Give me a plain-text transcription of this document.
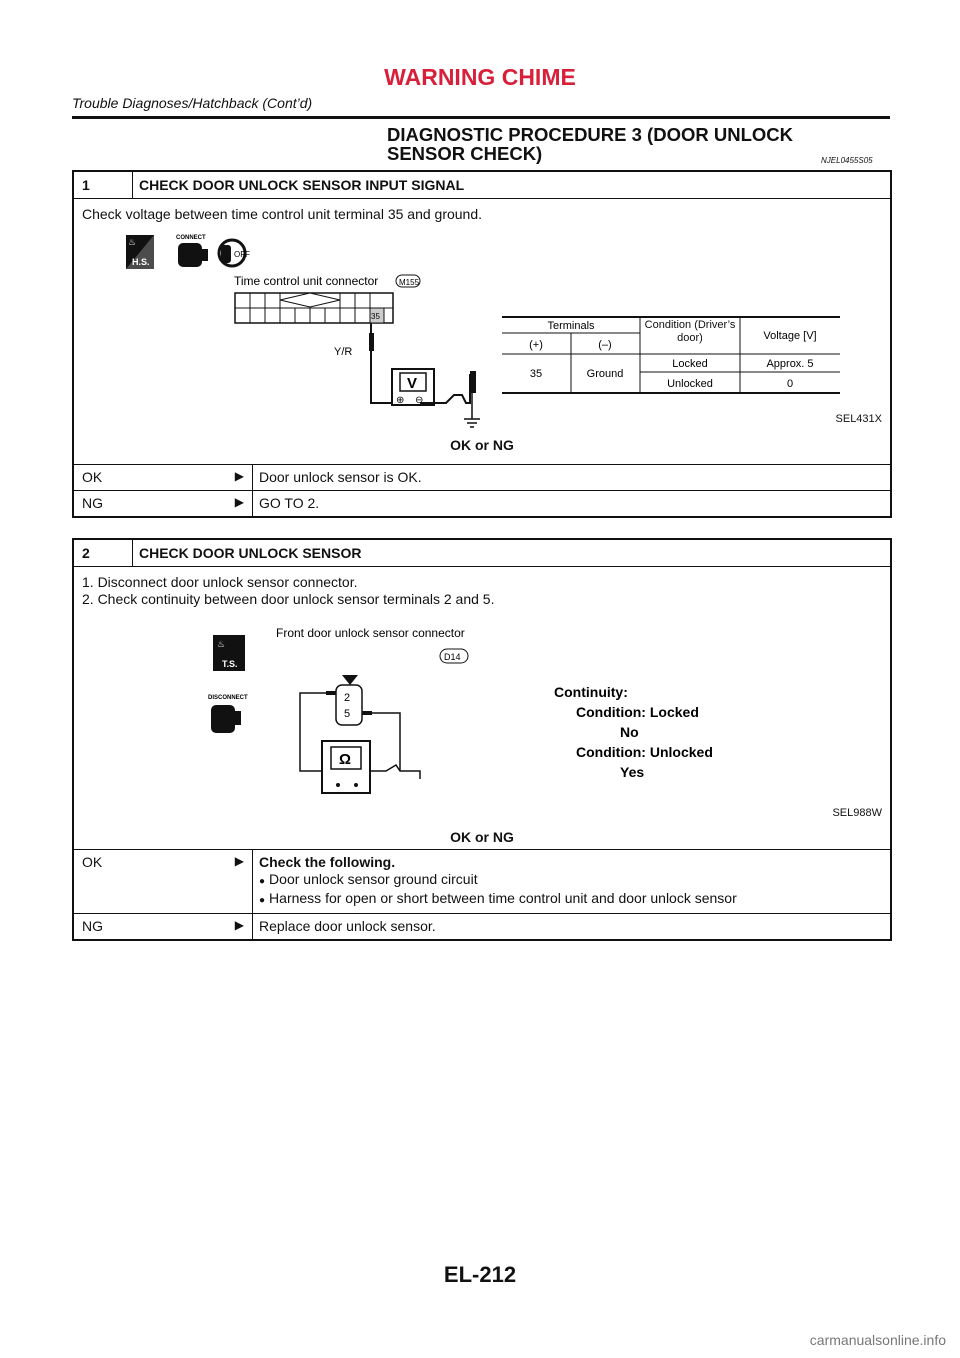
WARNING CHIME
Trouble Diagnoses/Hatchback (Cont’d)
DIAGNOSTIC PROCEDURE 3 (DOOR UNLOCK SENSOR CHECK)	NJEL0455S05
1	CHECK DOOR UNLOCK SENSOR INPUT SIGNAL
Check voltage between time control unit terminal 35 and ground.
♨
H.S.
CONNECT
OFF
Time control unit connector	M155
35
Y/R
V
⊕ ⊖
Terminals
(+)	(–)
Condition (Driver’s door)	Voltage [V]
35	Ground
Locked	Approx. 5
Unlocked	0
SEL431X
OK or NG
OK	▶	Door unlock sensor is OK.
NG	▶	GO TO 2.
2	CHECK DOOR UNLOCK SENSOR
1. Disconnect door unlock sensor connector.
2. Check continuity between door unlock sensor terminals 2 and 5.
♨
T.S.
DISCONNECT
Front door unlock sensor connector
D14
2
5
Ω
Continuity:
Condition: Locked
No
Condition: Unlocked
Yes
SEL988W
OK or NG
OK	▶ Check the following.
● Door unlock sensor ground circuit
● Harness for open or short between time control unit and door unlock sensor
NG	▶	Replace door unlock sensor.
EL-212
carmanualsonline.info
